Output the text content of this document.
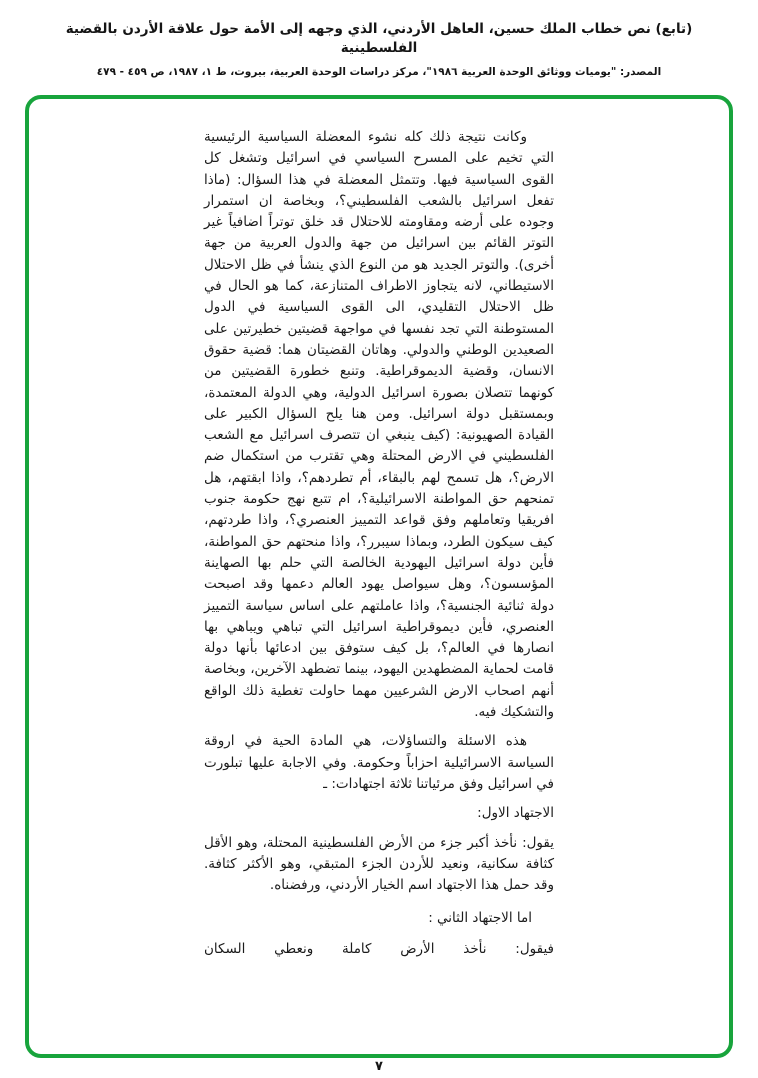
(تابع) نص خطاب الملك حسين، العاهل الأردني، الذي وجهه إلى الأمة حول علاقة الأردن بالقضية الفلسطينية
المصدر: "يوميات ووثائق الوحدة العربية ١٩٨٦"، مركز دراسات الوحدة العربية، بيروت، ط ١، ١٩٨٧، ص ٤٥٩ - ٤٧٩

وكانت نتيجة ذلك كله نشوء المعضلة السياسية الرئيسية التي تخيم على المسرح السياسي في اسرائيل وتشغل كل القوى السياسية فيها. وتتمثل المعضلة في هذا السؤال: (ماذا تفعل اسرائيل بالشعب الفلسطيني؟، وبخاصة ان استمرار وجوده على أرضه ومقاومته للاحتلال قد خلق توتراً اضافياً غير التوتر القائم بين اسرائيل من جهة والدول العربية من جهة أخرى). والتوتر الجديد هو من النوع الذي ينشأ في ظل الاحتلال الاستيطاني، لانه يتجاوز الاطراف المتنازعة، كما هو الحال في ظل الاحتلال التقليدي، الى القوى السياسية في الدول المستوطنة التي تجد نفسها في مواجهة قضيتين خطيرتين على الصعيدين الوطني والدولي. وهاتان القضيتان هما: قضية حقوق الانسان، وقضية الديموقراطية. وتنبع خطورة القضيتين من كونهما تتصلان بصورة اسرائيل الدولية، وهي الدولة المعتمدة، وبمستقبل دولة اسرائيل. ومن هنا يلح السؤال الكبير على القيادة الصهيونية: (كيف ينبغي ان تتصرف اسرائيل مع الشعب الفلسطيني في الارض المحتلة وهي تقترب من استكمال ضم الارض؟، هل تسمح لهم بالبقاء، أم تطردهم؟، واذا ابقتهم، هل تمنحهم حق المواطنة الاسرائيلية؟، ام تتبع نهج حكومة جنوب افريقيا وتعاملهم وفق قواعد التمييز العنصري؟، واذا طردتهم، كيف سيكون الطرد، وبماذا سيبرر؟، واذا منحتهم حق المواطنة، فأين دولة اسرائيل اليهودية الخالصة التي حلم بها الصهاينة المؤسسون؟، وهل سيواصل يهود العالم دعمها وقد اصبحت دولة ثنائية الجنسية؟، واذا عاملتهم على اساس سياسة التمييز العنصري، فأين ديموقراطية اسرائيل التي تباهي ويباهي بها انصارها في العالم؟، بل كيف ستوفق بين ادعائها بأنها دولة قامت لحماية المضطهدين اليهود، بينما تضطهد الآخرين، وبخاصة أنهم اصحاب الارض الشرعيين مهما حاولت تغطية ذلك الواقع والتشكيك فيه.

هذه الاسئلة والتساؤلات، هي المادة الحية في اروقة السياسة الاسرائيلية احزاباً وحكومة. وفي الاجابة عليها تبلورت في اسرائيل وفق مرئياتنا ثلاثة اجتهادات: ـ

الاجتهاد الاول:

يقول: نأخذ أكبر جزء من الأرض الفلسطينية المحتلة، وهو الأقل كثافة سكانية، ونعيد للأردن الجزء المتبقي، وهو الأكثر كثافة. وقد حمل هذا الاجتهاد اسم الخيار الأردني، ورفضناه.

اما الاجتهاد الثاني :

فيقول: نأخذ الأرض كاملة ونعطي السكان

٧
